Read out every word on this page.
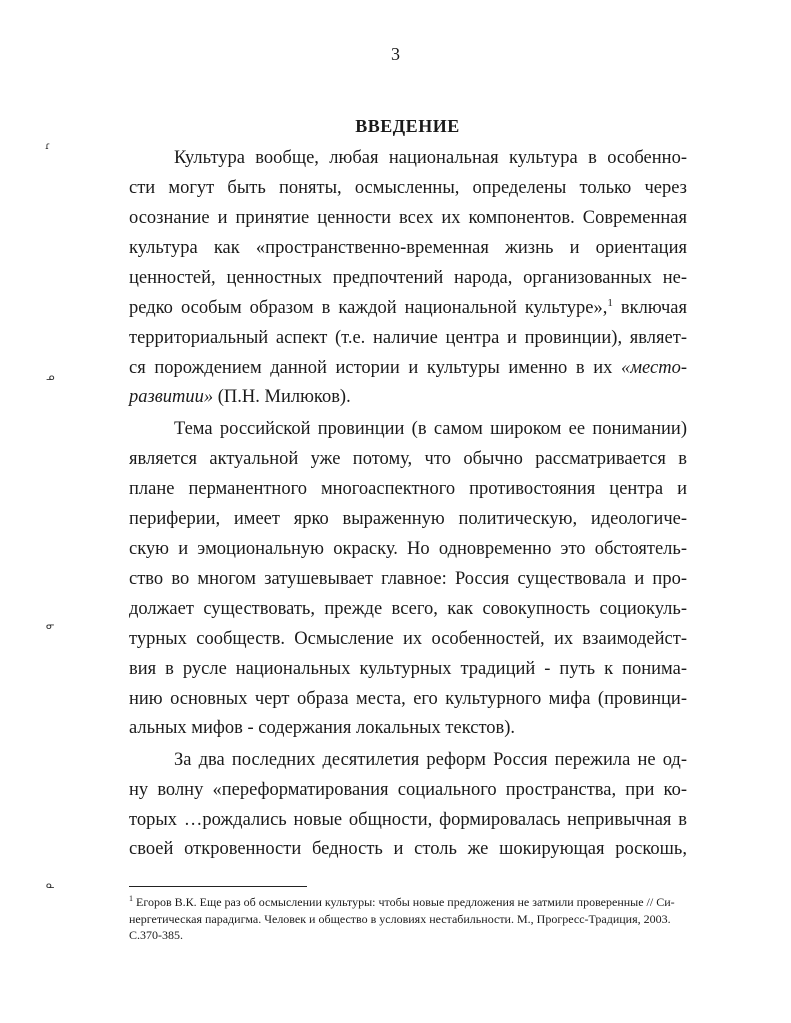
3
ВВЕДЕНИЕ
Культура вообще, любая национальная культура в особенно-
сти могут быть поняты, осмысленны, определены только через
осознание и принятие ценности всех их компонентов. Современная
культура как «пространственно-временная жизнь и ориентация
ценностей, ценностных предпочтений народа, организованных не-
редко особым образом в каждой национальной культуре»,$^1$ включая
территориальный аспект (т.е. наличие центра и провинции), являет-
ся порождением данной истории и культуры именно в их «место-
развитии» (П.Н. Милюков).
Тема российской провинции (в самом широком ее понимании)
является актуальной уже потому, что обычно рассматривается в
плане перманентного многоаспектного противостояния центра и
периферии, имеет ярко выраженную политическую, идеологиче-
скую и эмоциональную окраску. Но одновременно это обстоятель-
ство во многом затушевывает главное: Россия существовала и про-
должает существовать, прежде всего, как совокупность социокуль-
турных сообществ. Осмысление их особенностей, их взаимодейст-
вия в русле национальных культурных традиций - путь к понима-
нию основных черт образа места, его культурного мифа (провинци-
альных мифов - содержания локальных текстов).
За два последних десятилетия реформ Россия пережила не од-
ну волну «переформатирования социального пространства, при ко-
торых …рождались новые общности, формировалась непривычная в
своей откровенности бедность и столь же шокирующая роскошь,
$^1$ Егоров В.К. Еще раз об осмыслении культуры: чтобы новые предложения не затмили проверенные // Си-
нергетическая парадигма. Человек и общество в условиях нестабильности. М., Прогресс-Традиция, 2003.
С.370-385.
ɾ
ᓄ
ᓂ
ᓇ
